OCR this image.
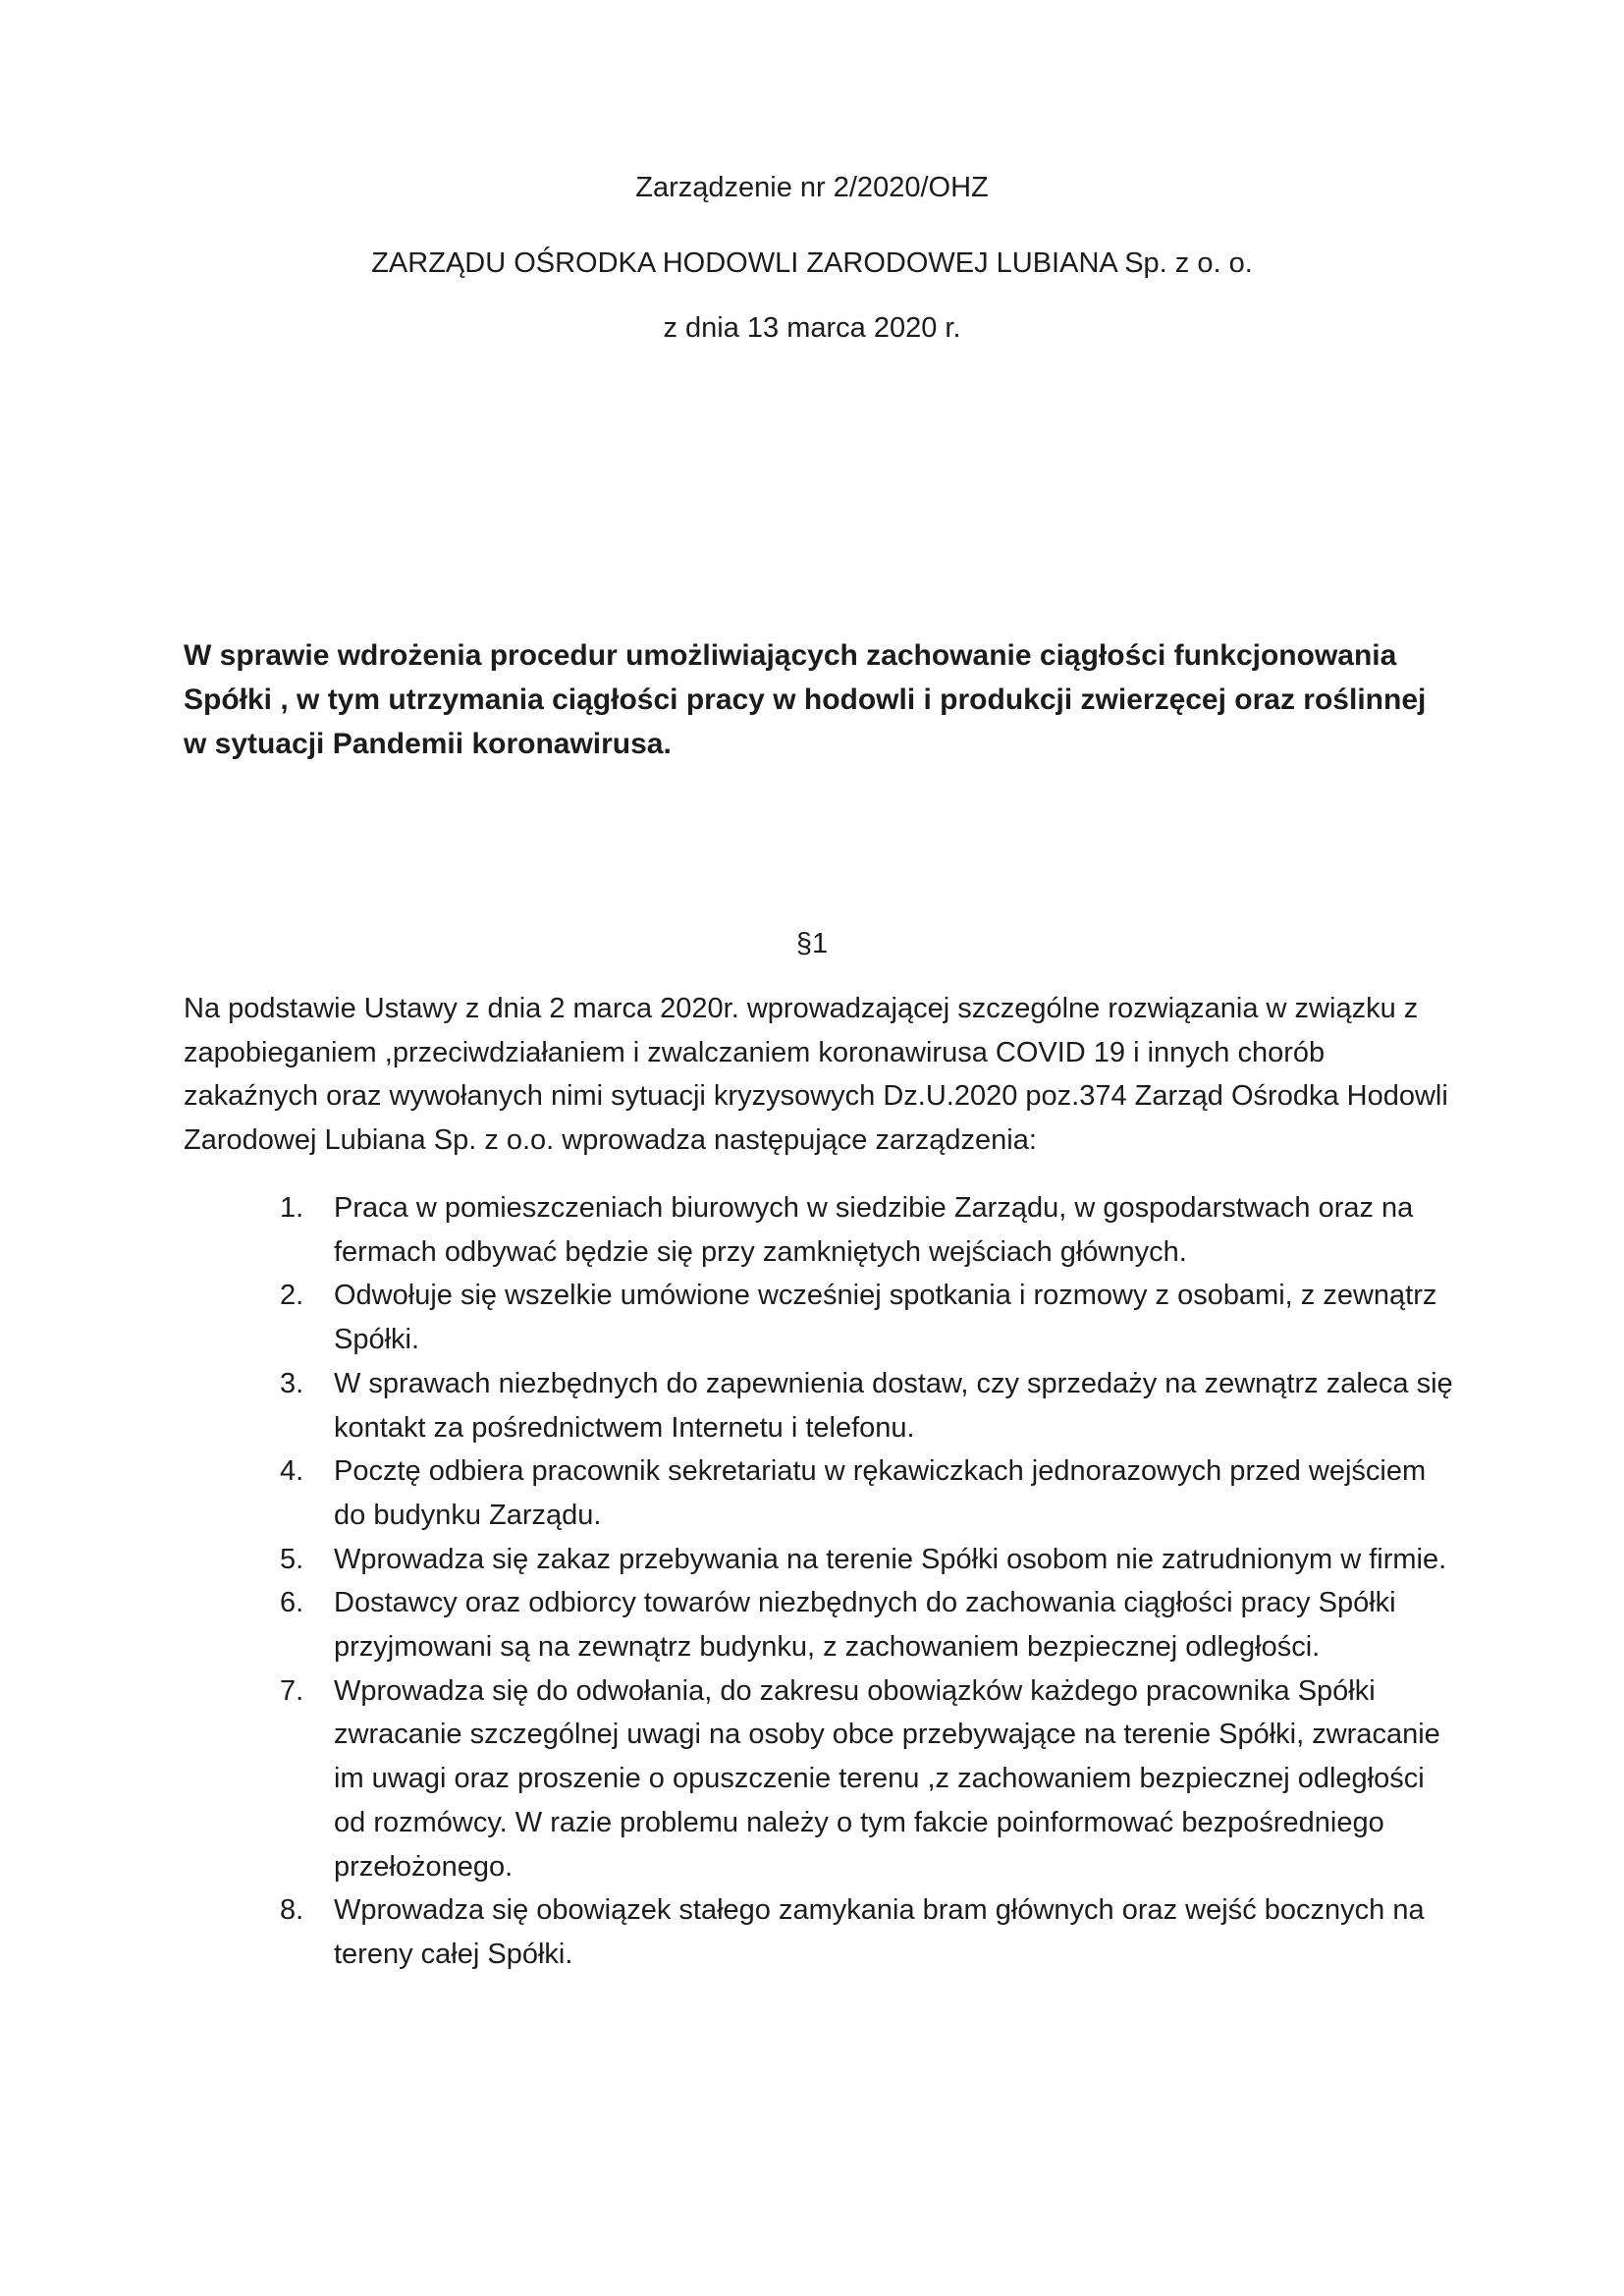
Zarządzenie nr 2/2020/OHZ
ZARZĄDU OŚRODKA HODOWLI ZARODOWEJ LUBIANA Sp. z o. o.
z dnia 13 marca 2020 r.
W sprawie wdrożenia procedur umożliwiających zachowanie ciągłości funkcjonowania Spółki , w tym utrzymania ciągłości pracy w hodowli i produkcji zwierzęcej oraz roślinnej w sytuacji Pandemii koronawirusa.
§1
Na podstawie Ustawy z dnia 2 marca 2020r. wprowadzającej szczególne rozwiązania w związku z zapobieganiem ,przeciwdziałaniem i zwalczaniem koronawirusa COVID 19 i innych chorób zakaźnych oraz wywołanych nimi sytuacji kryzysowych Dz.U.2020 poz.374 Zarząd Ośrodka Hodowli Zarodowej Lubiana Sp. z o.o. wprowadza następujące zarządzenia:
1. Praca w pomieszczeniach biurowych w siedzibie Zarządu, w gospodarstwach oraz na fermach odbywać będzie się przy zamkniętych wejściach głównych.
2. Odwołuje się wszelkie umówione wcześniej spotkania i rozmowy z osobami, z zewnątrz Spółki.
3. W sprawach niezbędnych do zapewnienia dostaw, czy sprzedaży na zewnątrz zaleca się kontakt za pośrednictwem Internetu i telefonu.
4. Pocztę odbiera pracownik sekretariatu w rękawiczkach jednorazowych przed wejściem do budynku Zarządu.
5. Wprowadza się zakaz przebywania na terenie Spółki osobom nie zatrudnionym w firmie.
6. Dostawcy oraz odbiorcy towarów niezbędnych do zachowania ciągłości pracy Spółki przyjmowani są na zewnątrz budynku, z zachowaniem bezpiecznej odległości.
7. Wprowadza się do odwołania, do zakresu obowiązków każdego pracownika Spółki zwracanie szczególnej uwagi na osoby obce przebywające na terenie Spółki, zwracanie im uwagi oraz proszenie o opuszczenie terenu ,z zachowaniem bezpiecznej odległości od rozmówcy. W razie problemu należy o tym fakcie poinformować bezpośredniego przełożonego.
8. Wprowadza się obowiązek stałego zamykania bram głównych oraz wejść bocznych na tereny całej Spółki.
